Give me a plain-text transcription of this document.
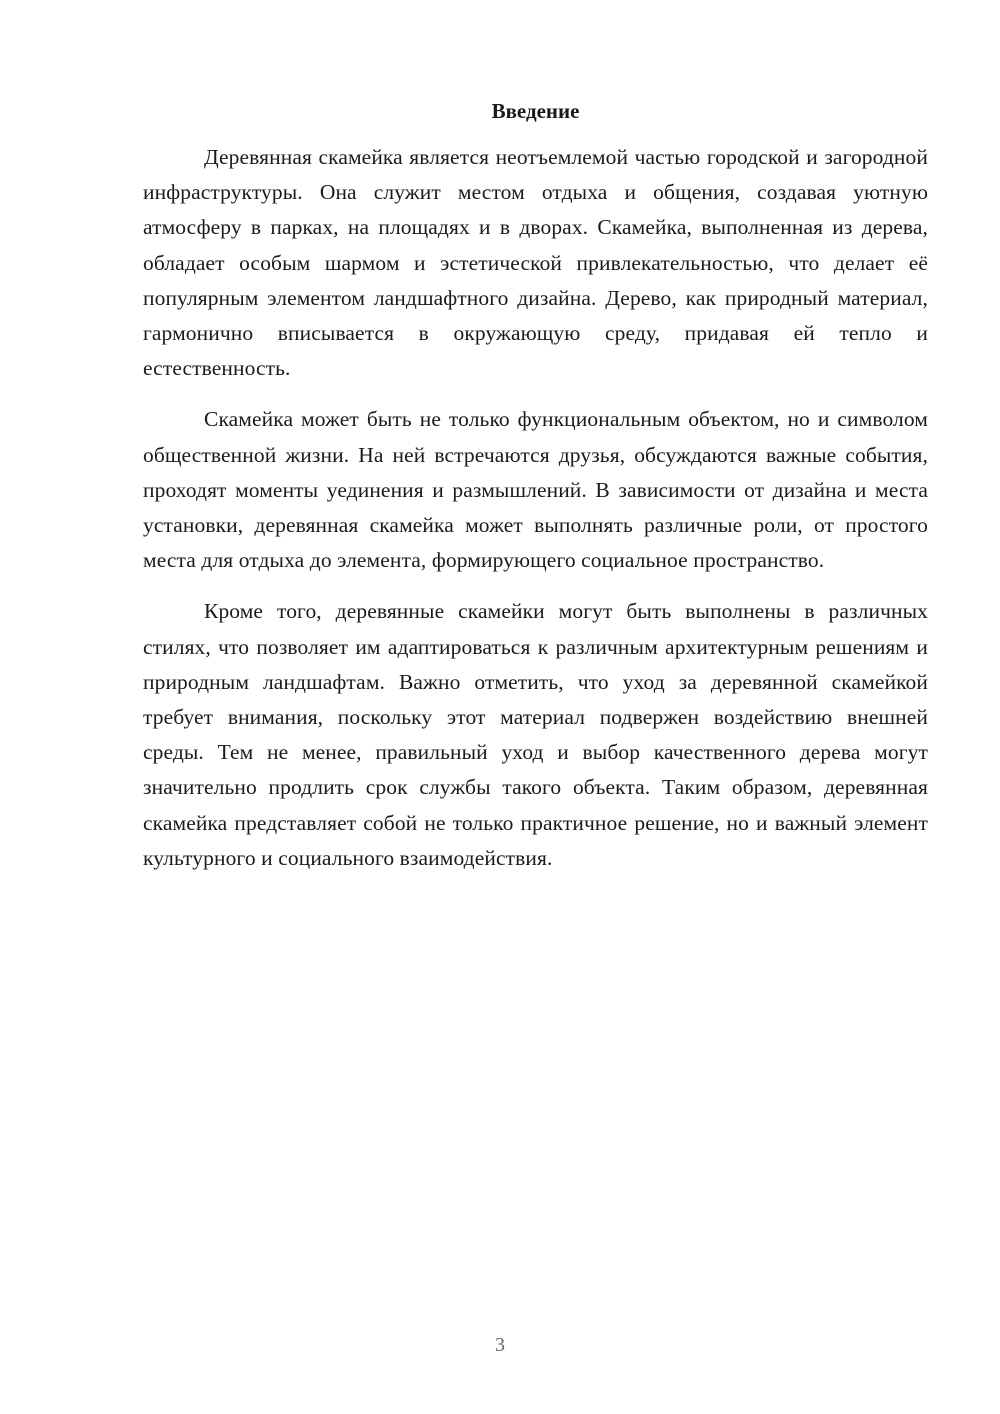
Введение

Деревянная скамейка является неотъемлемой частью городской и загородной инфраструктуры. Она служит местом отдыха и общения, создавая уютную атмосферу в парках, на площадях и в дворах. Скамейка, выполненная из дерева, обладает особым шармом и эстетической привлекательностью, что делает её популярным элементом ландшафтного дизайна. Дерево, как природный материал, гармонично вписывается в окружающую среду, придавая ей тепло и естественность.

Скамейка может быть не только функциональным объектом, но и символом общественной жизни. На ней встречаются друзья, обсуждаются важные события, проходят моменты уединения и размышлений. В зависимости от дизайна и места установки, деревянная скамейка может выполнять различные роли, от простого места для отдыха до элемента, формирующего социальное пространство.

Кроме того, деревянные скамейки могут быть выполнены в различных стилях, что позволяет им адаптироваться к различным архитектурным решениям и природным ландшафтам. Важно отметить, что уход за деревянной скамейкой требует внимания, поскольку этот материал подвержен воздействию внешней среды. Тем не менее, правильный уход и выбор качественного дерева могут значительно продлить срок службы такого объекта. Таким образом, деревянная скамейка представляет собой не только практичное решение, но и важный элемент культурного и социального взаимодействия.

3
